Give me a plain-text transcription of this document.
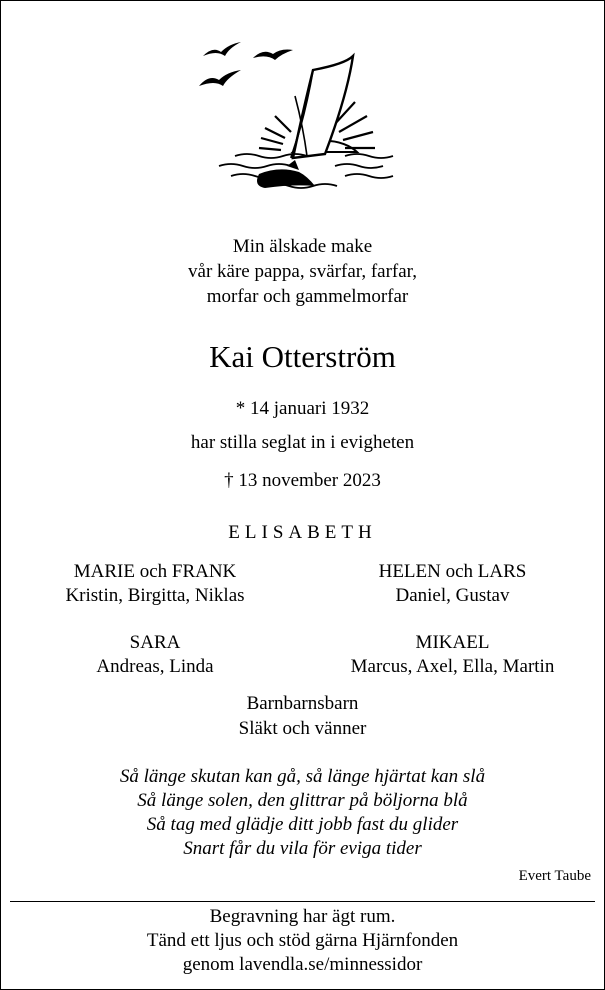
Min älskade make
vår käre pappa, svärfar, farfar,
morfar och gammelmorfar
Kai Otterström
* 14 januari 1932
har stilla seglat in i evigheten
† 13 november 2023
ELISABETH
MARIE och FRANK
Kristin, Birgitta, Niklas
HELEN och LARS
Daniel, Gustav
SARA
Andreas, Linda
MIKAEL
Marcus, Axel, Ella, Martin
Barnbarnsbarn
Släkt och vänner
Så länge skutan kan gå, så länge hjärtat kan slå
Så länge solen, den glittrar på böljorna blå
Så tag med glädje ditt jobb fast du glider
Snart får du vila för eviga tider
Evert Taube
Begravning har ägt rum.
Tänd ett ljus och stöd gärna Hjärnfonden
genom lavendla.se/minnessidor
